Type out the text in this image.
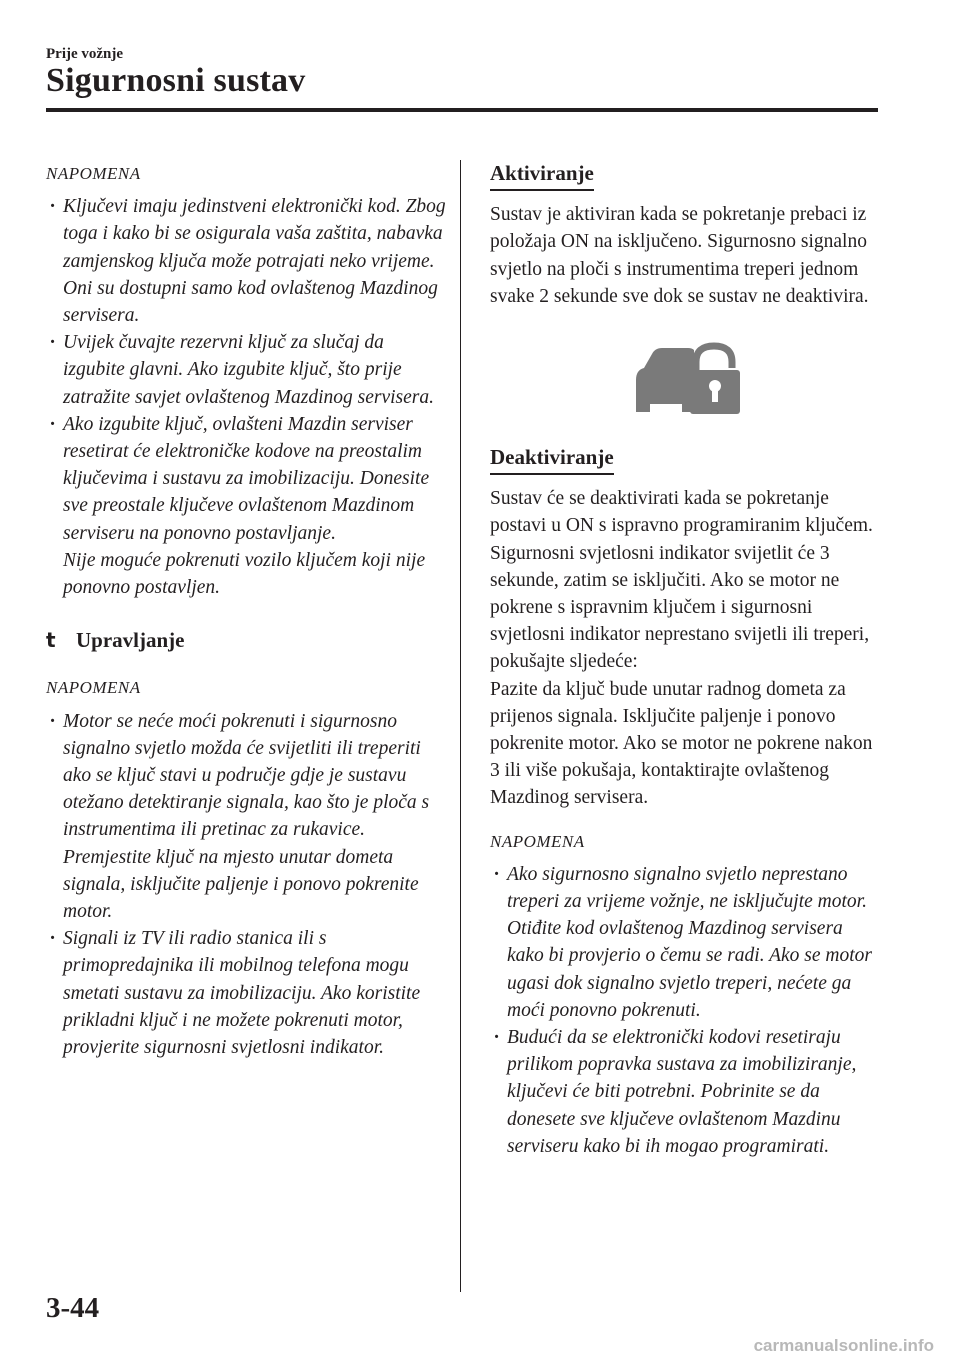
Prije vožnje
Sigurnosni sustav
NAPOMENA
· Ključevi imaju jedinstveni elektronički kod. Zbog toga i kako bi se osigurala vaša zaštita, nabavka zamjenskog ključa može potrajati neko vrijeme. Oni su dostupni samo kod ovlaštenog Mazdinog servisera.
· Uvijek čuvajte rezervni ključ za slučaj da izgubite glavni. Ako izgubite ključ, što prije zatražite savjet ovlaštenog Mazdinog servisera.
· Ako izgubite ključ, ovlašteni Mazdin serviser resetirat će elektroničke kodove na preostalim ključevima i sustavu za imobilizaciju. Donesite sve preostale ključeve ovlaštenom Mazdinom serviseru na ponovno postavljanje.
Nije moguće pokrenuti vozilo ključem koji nije ponovno postavljen.
t Upravljanje
NAPOMENA
· Motor se neće moći pokrenuti i sigurnosno signalno svjetlo možda će svijetliti ili treperiti ako se ključ stavi u područje gdje je sustavu otežano detektiranje signala, kao što je ploča s instrumentima ili pretinac za rukavice. Premjestite ključ na mjesto unutar dometa signala, isključite paljenje i ponovo pokrenite motor.
· Signali iz TV ili radio stanica ili s primopredajnika ili mobilnog telefona mogu smetati sustavu za imobilizaciju. Ako koristite prikladni ključ i ne možete pokrenuti motor, provjerite sigurnosni svjetlosni indikator.
Aktiviranje

Sustav je aktiviran kada se pokretanje prebaci iz položaja ON na isključeno. Sigurnosno signalno svjetlo na ploči s instrumentima treperi jednom svake 2 sekunde sve dok se sustav ne deaktivira.

Deaktiviranje

Sustav će se deaktivirati kada se pokretanje postavi u ON s ispravno programiranim ključem. Sigurnosni svjetlosni indikator svijetlit će 3 sekunde, zatim se isključiti. Ako se motor ne pokrene s ispravnim ključem i sigurnosni svjetlosni indikator neprestano svijetli ili treperi, pokušajte sljedeće:

Pazite da ključ bude unutar radnog dometa za prijenos signala. Isključite paljenje i ponovo pokrenite motor. Ako se motor ne pokrene nakon 3 ili više pokušaja, kontaktirajte ovlaštenog Mazdinog servisera.

NAPOMENA
· Ako sigurnosno signalno svjetlo neprestano treperi za vrijeme vožnje, ne isključujte motor. Otiđite kod ovlaštenog Mazdinog servisera kako bi provjerio o čemu se radi. Ako se motor ugasi dok signalno svjetlo treperi, nećete ga moći ponovno pokrenuti.
· Budući da se elektronički kodovi resetiraju prilikom popravka sustava za imobiliziranje, ključevi će biti potrebni. Pobrinite se da donesete sve ključeve ovlaštenom Mazdinu serviseru kako bi ih mogao programirati.
3-44
carmanualsonline.info
